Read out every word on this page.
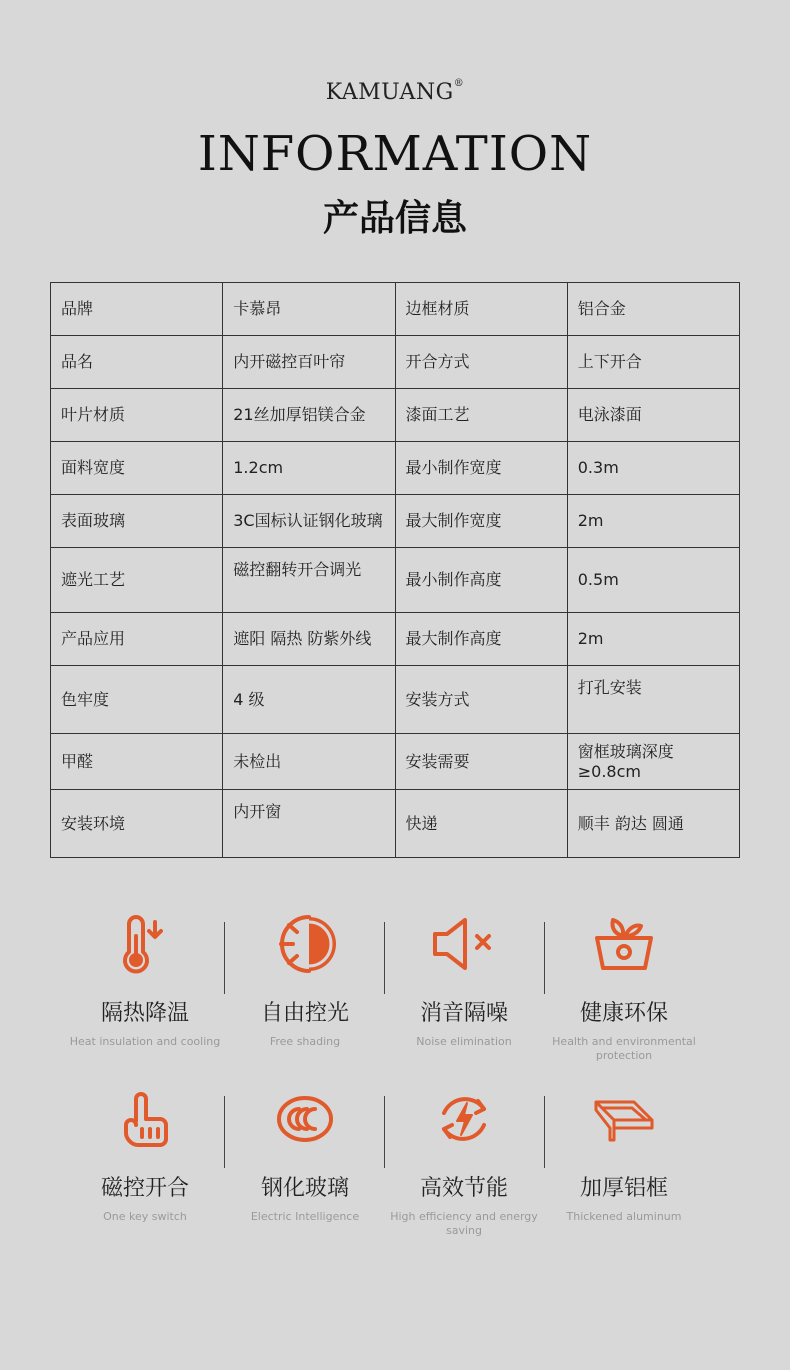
KAMUANG®
INFORMATION
产品信息
品牌	卡慕昂	边框材质	铝合金
品名	内开磁控百叶帘	开合方式	上下开合
叶片材质	21丝加厚铝镁合金	漆面工艺	电泳漆面
面料宽度	1.2cm	最小制作宽度	0.3m
表面玻璃	3C国标认证钢化玻璃	最大制作宽度	2m
遮光工艺	磁控翻转开合调光	最小制作高度	0.5m
产品应用	遮阳 隔热 防紫外线	最大制作高度	2m
色牢度	4 级	安装方式	打孔安装
甲醛	未检出	安装需要	窗框玻璃深度≥0.8cm
安装环境	内开窗	快递	顺丰 韵达 圆通
隔热降温
Heat insulation and cooling
自由控光
Free shading
消音隔噪
Noise elimination
健康环保
Health and environmental protection
磁控开合
One key switch
钢化玻璃
Electric Intelligence
高效节能
High efficiency and energy saving
加厚铝框
Thickened aluminum
